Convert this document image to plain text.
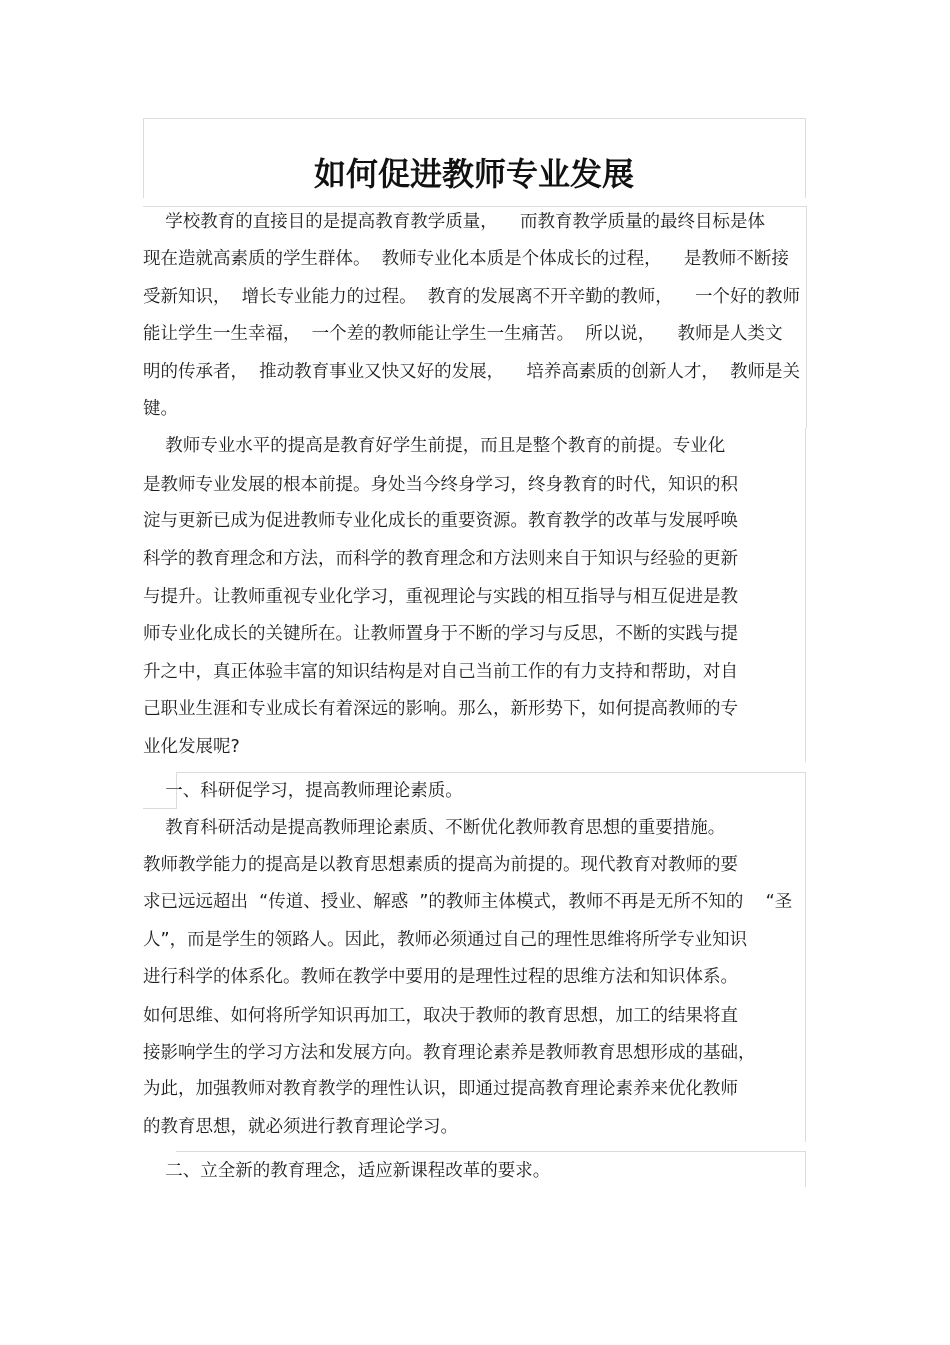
如何促进教师专业发展

学校教育的直接目的是提高教育教学质量，    而教育教学质量的最终目标是体

现在造就高素质的学生群体。  教师专业化本质是个体成长的过程，    是教师不断接

受新知识，  增长专业能力的过程。  教育的发展离不开辛勤的教师，    一个好的教师

能让学生一生幸福，  一个差的教师能让学生一生痛苦。  所以说，    教师是人类文

明的传承者，  推动教育事业又快又好的发展，    培养高素质的创新人才，  教师是关

键。

教师专业水平的提高是教育好学生前提，而且是整个教育的前提。专业化

是教师专业发展的根本前提。身处当今终身学习，终身教育的时代，知识的积

淀与更新已成为促进教师专业化成长的重要资源。教育教学的改革与发展呼唤

科学的教育理念和方法，而科学的教育理念和方法则来自于知识与经验的更新

与提升。让教师重视专业化学习，重视理论与实践的相互指导与相互促进是教

师专业化成长的关键所在。让教师置身于不断的学习与反思，不断的实践与提

升之中，真正体验丰富的知识结构是对自己当前工作的有力支持和帮助，对自

己职业生涯和专业成长有着深远的影响。那么，新形势下，如何提高教师的专

业化发展呢?

一、科研促学习，提高教师理论素质。

教育科研活动是提高教师理论素质、不断优化教师教育思想的重要措施。

教师教学能力的提高是以教育思想素质的提高为前提的。现代教育对教师的要

求已远远超出  “传道、授业、解惑  ”的教师主体模式，教师不再是无所不知的    “圣

人”，而是学生的领路人。因此，教师必须通过自己的理性思维将所学专业知识

进行科学的体系化。教师在教学中要用的是理性过程的思维方法和知识体系。

如何思维、如何将所学知识再加工，取决于教师的教育思想，加工的结果将直

接影响学生的学习方法和发展方向。教育理论素养是教师教育思想形成的基础，

为此，加强教师对教育教学的理性认识，即通过提高教育理论素养来优化教师

的教育思想，就必须进行教育理论学习。

二、立全新的教育理念，适应新课程改革的要求。
